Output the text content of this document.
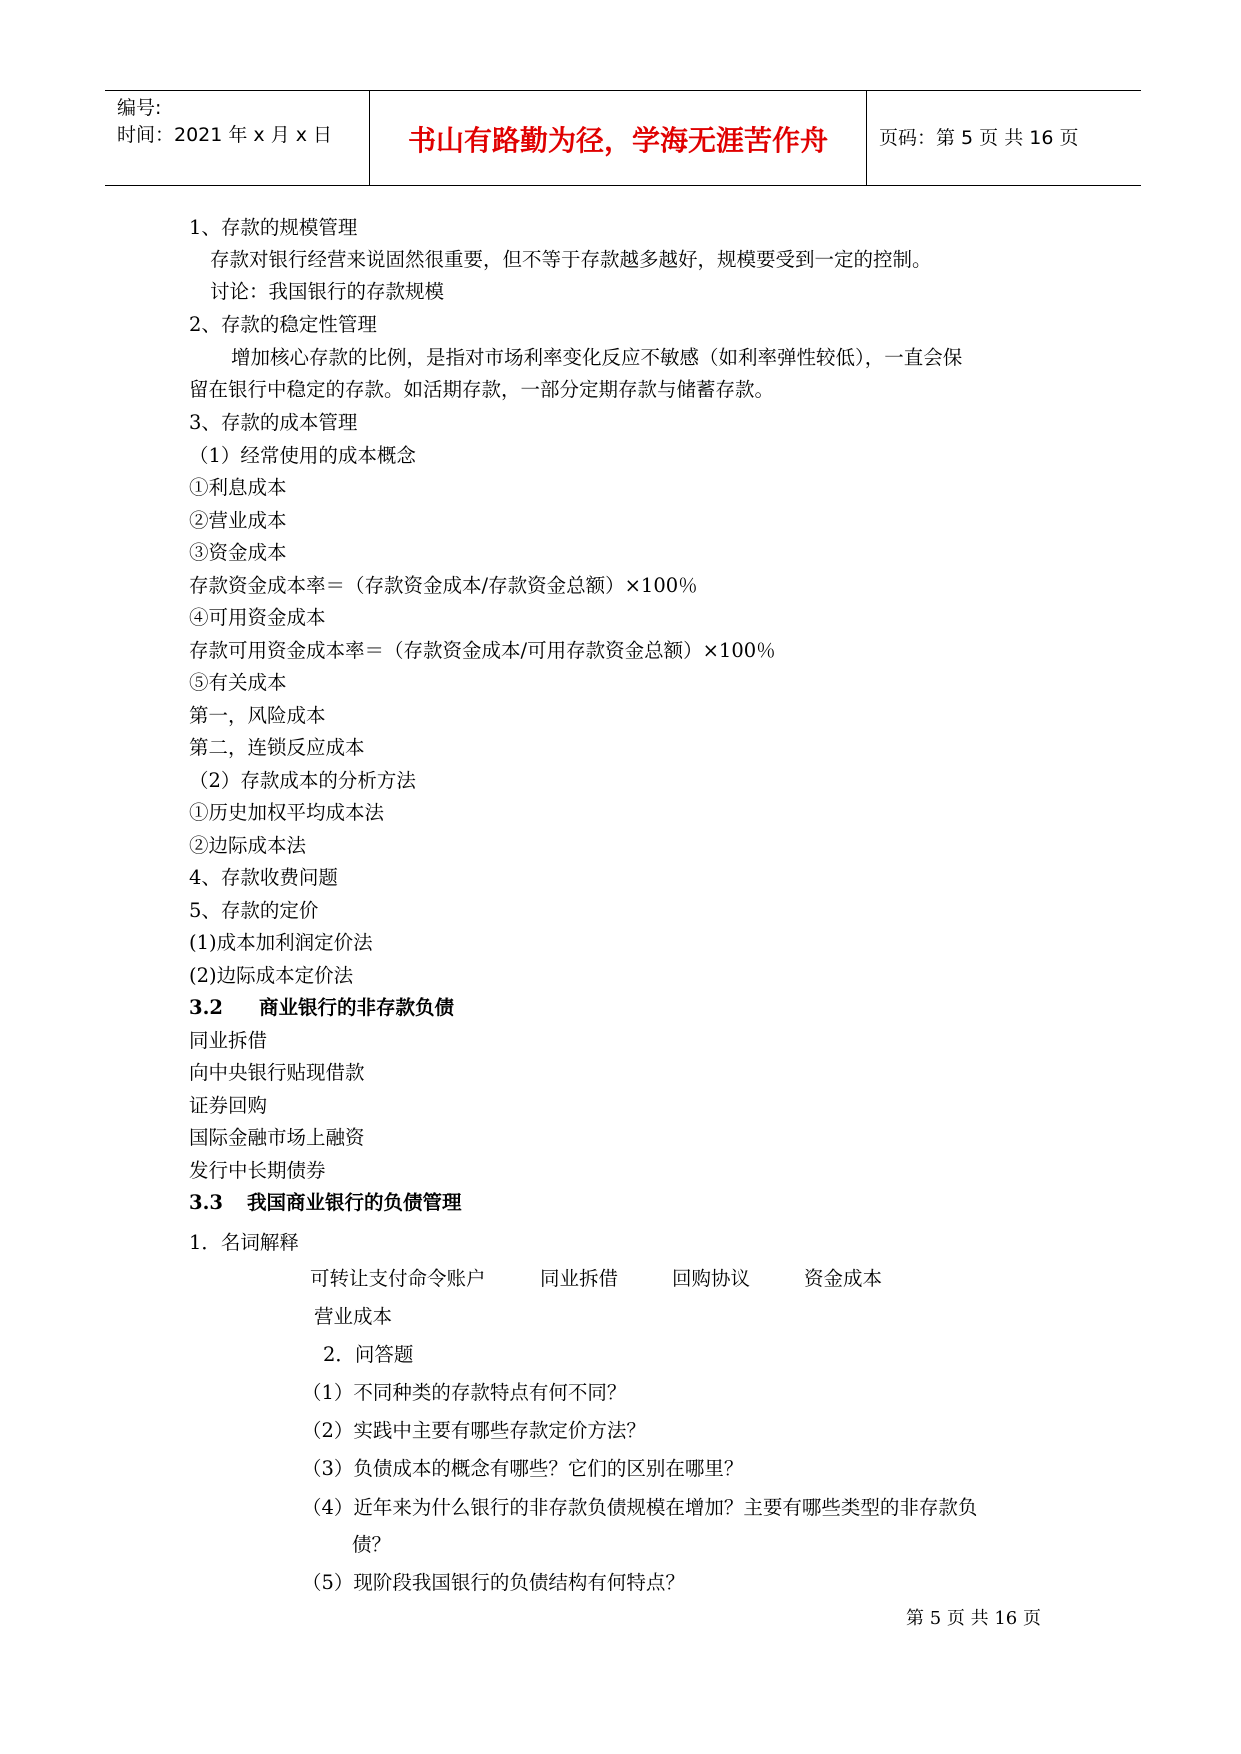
编号:
时间：2021 年 x 月 x 日	书山有路勤为径，学海无涯苦作舟	页码：第 5 页 共 16 页
1、存款的规模管理
存款对银行经营来说固然很重要，但不等于存款越多越好，规模要受到一定的控制。
讨论：我国银行的存款规模
2、存款的稳定性管理
增加核心存款的比例，是指对市场利率变化反应不敏感（如利率弹性较低），一直会保
留在银行中稳定的存款。如活期存款，一部分定期存款与储蓄存款。
3、存款的成本管理
（1）经常使用的成本概念
①利息成本
②营业成本
③资金成本
存款资金成本率＝（存款资金成本/存款资金总额）×100％
④可用资金成本
存款可用资金成本率＝（存款资金成本/可用存款资金总额）×100％
⑤有关成本
第一，风险成本
第二，连锁反应成本
（2）存款成本的分析方法
①历史加权平均成本法
②边际成本法
4、存款收费问题
5、存款的定价
(1)成本加利润定价法
(2)边际成本定价法
3.2 商业银行的非存款负债
同业拆借
向中央银行贴现借款
证券回购
国际金融市场上融资
发行中长期债券
3.3 我国商业银行的负债管理
1．名词解释
可转让支付命令账户	同业拆借	回购协议	资金成本
营业成本
2．问答题
（1）不同种类的存款特点有何不同？
（2）实践中主要有哪些存款定价方法？
（3）负债成本的概念有哪些？它们的区别在哪里？
（4）近年来为什么银行的非存款负债规模在增加？主要有哪些类型的非存款负
债？
（5）现阶段我国银行的负债结构有何特点？
第 5 页 共 16 页
